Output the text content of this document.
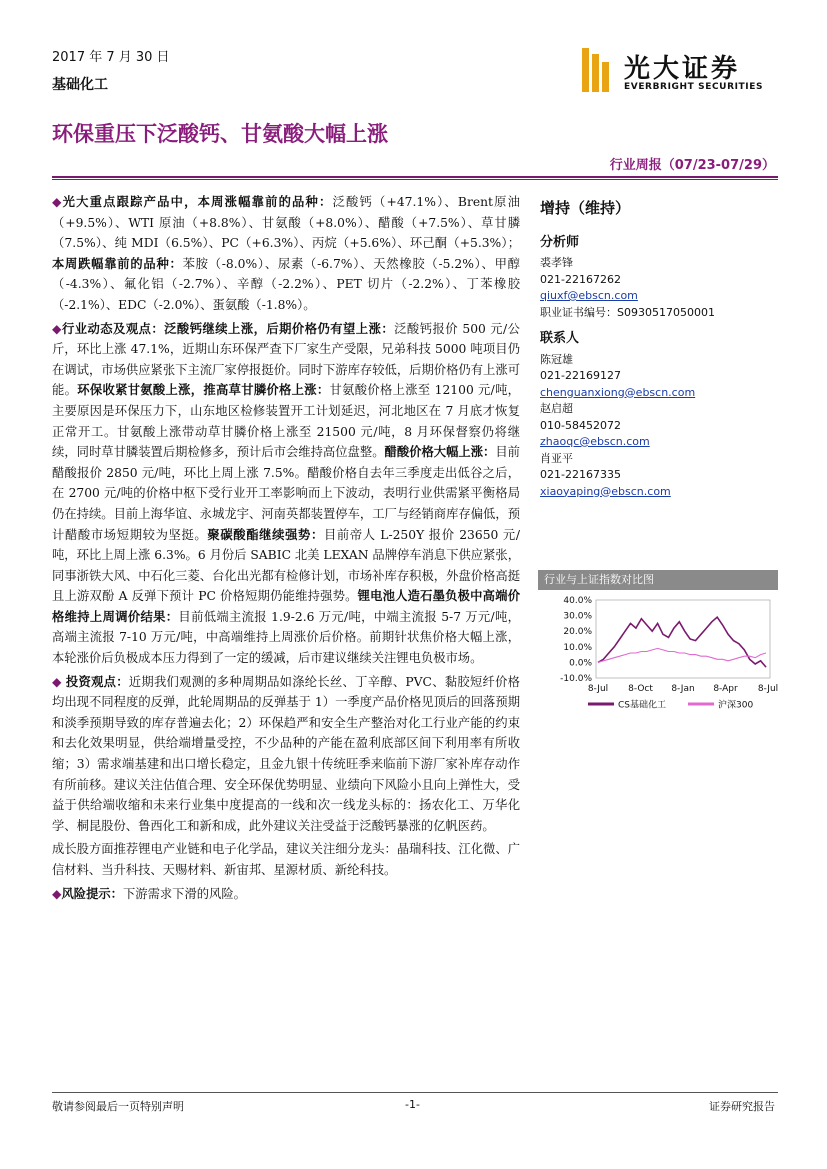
2017 年 7 月 30 日
基础化工
光大证券
EVERBRIGHT SECURITIES
环保重压下泛酸钙、甘氨酸大幅上涨
行业周报（07/23-07/29）

◆光大重点跟踪产品中，本周涨幅靠前的品种：泛酸钙（+47.1%）、Brent原油（+9.5%）、WTI 原油（+8.8%）、甘氨酸（+8.0%）、醋酸（+7.5%）、草甘膦（7.5%）、纯 MDI（6.5%）、PC（+6.3%）、丙烷（+5.6%）、环己酮（+5.3%）；本周跌幅靠前的品种：苯胺（-8.0%）、尿素（-6.7%）、天然橡胶（-5.2%）、甲醇（-4.3%）、氟化铝（-2.7%）、辛醇（-2.2%）、PET 切片（-2.2%）、丁苯橡胶（-2.1%）、EDC（-2.0%）、蛋氨酸（-1.8%）。

◆行业动态及观点：泛酸钙继续上涨，后期价格仍有望上涨：泛酸钙报价 500 元/公斤，环比上涨 47.1%，近期山东环保严查下厂家生产受限，兄弟科技 5000 吨项目仍在调试，市场供应紧张下主流厂家停报挺价。同时下游库存较低，后期价格仍有上涨可能。环保收紧甘氨酸上涨，推高草甘膦价格上涨：甘氨酸价格上涨至 12100 元/吨，主要原因是环保压力下，山东地区检修装置开工计划延迟，河北地区在 7 月底才恢复正常开工。甘氨酸上涨带动草甘膦价格上涨至 21500 元/吨，8 月环保督察仍将继续，同时草甘膦装置后期检修多，预计后市会维持高位盘整。醋酸价格大幅上涨：目前醋酸报价 2850 元/吨，环比上周上涨 7.5%。醋酸价格自去年三季度走出低谷之后，在 2700 元/吨的价格中枢下受行业开工率影响而上下波动，表明行业供需紧平衡格局仍在持续。目前上海华谊、永城龙宇、河南英都装置停车，工厂与经销商库存偏低，预计醋酸市场短期较为坚挺。聚碳酸酯继续强势：目前帝人 L-250Y 报价 23650 元/吨，环比上周上涨 6.3%。6 月份后 SABIC 北美 LEXAN 品牌停车消息下供应紧张，同事浙铁大风、中石化三菱、台化出光都有检修计划，市场补库存积极，外盘价格高挺且上游双酚 A 反弹下预计 PC 价格短期仍能维持强势。锂电池人造石墨负极中高端价格维持上周调价结果：目前低端主流报 1.9-2.6 万元/吨，中端主流报 5-7 万元/吨，高端主流报 7-10 万元/吨，中高端维持上周涨价后价格。前期针状焦价格大幅上涨，本轮涨价后负极成本压力得到了一定的缓减，后市建议继续关注锂电负极市场。

◆ 投资观点：近期我们观测的多种周期品如涤纶长丝、丁辛醇、PVC、黏胶短纤价格均出现不同程度的反弹，此轮周期品的反弹基于 1）一季度产品价格见顶后的回落预期和淡季预期导致的库存普遍去化；2）环保趋严和安全生产整治对化工行业产能的约束和去化效果明显，供给端增量受控，不少品种的产能在盈利底部区间下利用率有所收缩；3）需求端基建和出口增长稳定，且金九银十传统旺季来临前下游厂家补库存动作有所前移。建议关注估值合理、安全环保优势明显、业绩向下风险小且向上弹性大，受益于供给端收缩和未来行业集中度提高的一线和次一线龙头标的：扬农化工、万华化学、桐昆股份、鲁西化工和新和成，此外建议关注受益于泛酸钙暴涨的亿帆医药。

成长股方面推荐锂电产业链和电子化学品，建议关注细分龙头：晶瑞科技、江化微、广信材料、当升科技、天赐材料、新宙邦、星源材质、新纶科技。

◆风险提示：下游需求下滑的风险。

增持（维持）
分析师
裘孝锋
021-22167262
qiuxf@ebscn.com
职业证书编号：S0930517050001
联系人
陈冠雄
021-22169127
chenguanxiong@ebscn.com
赵启超
010-58452072
zhaoqc@ebscn.com
肖亚平
021-22167335
xiaoyaping@ebscn.com
行业与上证指数对比图
40.0%
30.0%
20.0%
10.0%
0.0%
-10.0%
8-Jul 8-Oct 8-Jan 8-Apr 8-Jul
CS基础化工	沪深300
敬请参阅最后一页特别声明	-1-	证券研究报告
